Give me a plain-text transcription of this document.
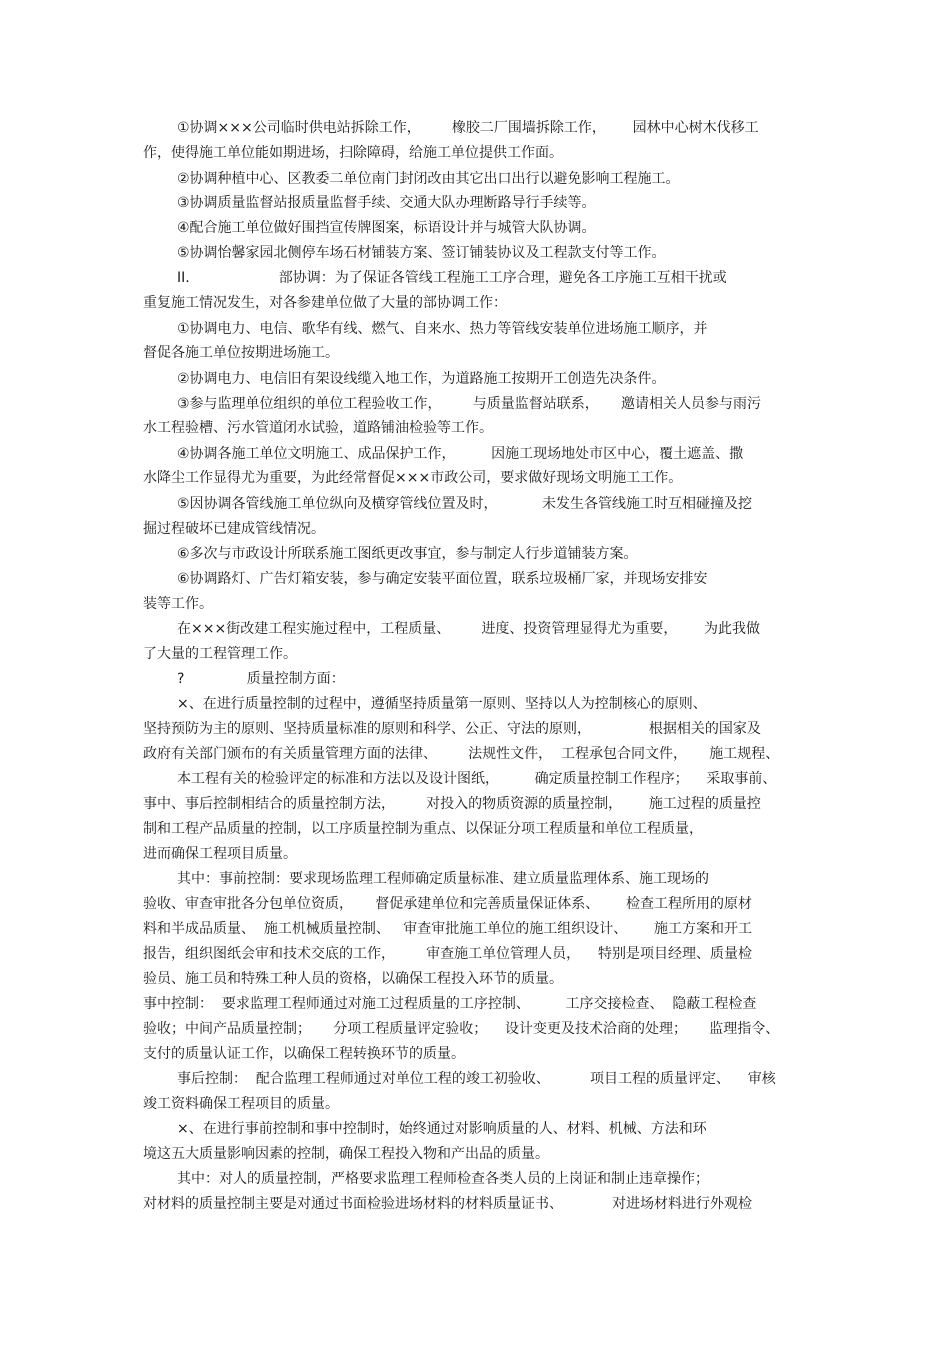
①协调×××公司临时供电站拆除工作，       橡胶二厂围墙拆除工作，      园林中心树木伐移工
作，使得施工单位能如期进场，扫除障碍，给施工单位提供工作面。
②协调种植中心、区教委二单位南门封闭改由其它出口出行以避免影响工程施工。
③协调质量监督站报质量监督手续、交通大队办理断路导行手续等。
④配合施工单位做好围挡宣传牌图案，标语设计并与城管大队协调。
⑤协调怡馨家园北侧停车场石材铺装方案、签订铺装协议及工程款支付等工作。
II.                    部协调：为了保证各管线工程施工工序合理，避免各工序施工互相干扰或
重复施工情况发生，对各参建单位做了大量的部协调工作：
①协调电力、电信、歌华有线、燃气、自来水、热力等管线安装单位进场施工顺序，并
督促各施工单位按期进场施工。
②协调电力、电信旧有架设线缆入地工作，为道路施工按期开工创造先决条件。
③参与监理单位组织的单位工程验收工作，       与质量监督站联系，     邀请相关人员参与雨污
水工程验槽、污水管道闭水试验，道路铺油检验等工作。
④协调各施工单位文明施工、成品保护工作，        因施工现场地处市区中心，覆土遮盖、撒
水降尘工作显得尤为重要，为此经常督促×××市政公司，要求做好现场文明施工工作。
⑤因协调各管线施工单位纵向及横穿管线位置及时，          未发生各管线施工时互相碰撞及挖
掘过程破坏已建成管线情况。
⑥多次与市政设计所联系施工图纸更改事宜，参与制定人行步道铺装方案。
⑥协调路灯、广告灯箱安装，参与确定安装平面位置，联系垃圾桶厂家，并现场安排安
装等工作。
在×××街改建工程实施过程中，工程质量、       进度、投资管理显得尤为重要，      为此我做
了大量的工程管理工作。
?              质量控制方面：
×、在进行质量控制的过程中，遵循坚持质量第一原则、坚持以人为控制核心的原则、
坚持预防为主的原则、坚持质量标准的原则和科学、公正、守法的原则，             根据相关的国家及
政府有关部门颁布的有关质量管理方面的法律、       法规性文件，  工程承包合同文件，     施工规程、
本工程有关的检验评定的标准和方法以及设计图纸，        确定质量控制工作程序；    采取事前、
事中、事后控制相结合的质量控制方法，       对投入的物质资源的质量控制，      施工过程的质量控
制和工程产品质量的控制，以工序质量控制为重点、以保证分项工程质量和单位工程质量，
进而确保工程项目质量。
其中：事前控制：要求现场监理工程师确定质量标准、建立质量监理体系、施工现场的
验收、审查审批各分包单位资质，     督促承建单位和完善质量保证体系、      检查工程所用的原材
料和半成品质量、  施工机械质量控制、   审查审批施工单位的施工组织设计、      施工方案和开工
报告，组织图纸会审和技术交底的工作，       审查施工单位管理人员，    特别是项目经理、质量检
验员、施工员和特殊工种人员的资格，以确保工程投入环节的质量。
事中控制：  要求监理工程师通过对施工过程质量的工序控制、        工序交接检查、  隐蔽工程检查
验收；中间产品质量控制；     分项工程质量评定验收；    设计变更及技术洽商的处理；     监理指令、
支付的质量认证工作，以确保工程转换环节的质量。
事后控制：  配合监理工程师通过对单位工程的竣工初验收、         项目工程的质量评定、    审核
竣工资料确保工程项目的质量。
×、在进行事前控制和事中控制时，始终通过对影响质量的人、材料、机械、方法和环
境这五大质量影响因素的控制，确保工程投入物和产出品的质量。
其中：对人的质量控制，严格要求监理工程师检查各类人员的上岗证和制止违章操作；
对材料的质量控制主要是对通过书面检验进场材料的材料质量证书、           对进场材料进行外观检
